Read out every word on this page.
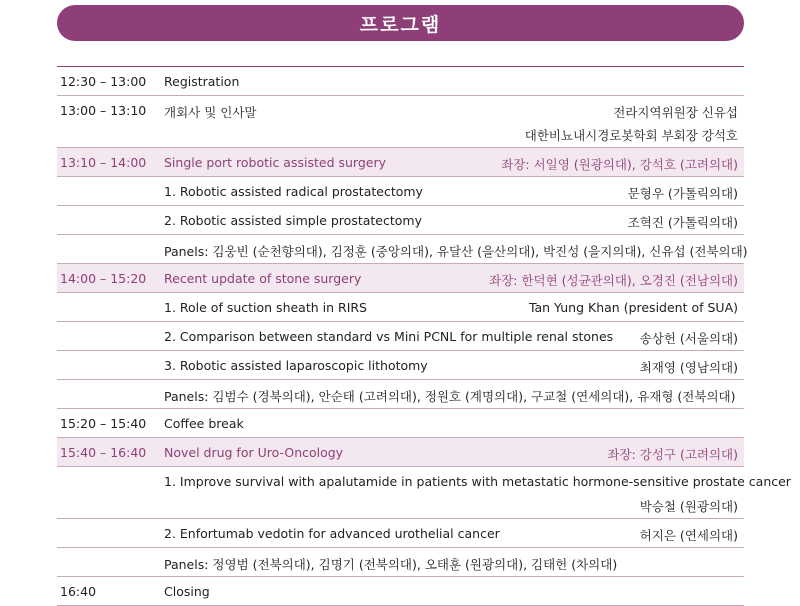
프로그램
12:30 – 13:00	Registration
13:00 – 13:10	개회사 및 인사말	전라지역위원장 신유섭
대한비뇨내시경로봇학회 부회장 강석호
13:10 – 14:00	Single port robotic assisted surgery	좌장: 서일영 (원광의대), 강석호 (고려의대)
1. Robotic assisted radical prostatectomy	문형우 (가톨릭의대)
2. Robotic assisted simple prostatectomy	조혁진 (가톨릭의대)
Panels: 김웅빈 (순천향의대), 김정훈 (중앙의대), 유달산 (을산의대), 박진성 (을지의대), 신유섭 (전북의대)
14:00 – 15:20	Recent update of stone surgery	좌장: 한덕현 (성균관의대), 오경진 (전남의대)
1. Role of suction sheath in RIRS	Tan Yung Khan (president of SUA)
2. Comparison between standard vs Mini PCNL for multiple renal stones 송상헌 (서울의대)
3. Robotic assisted laparoscopic lithotomy	최재영 (영남의대)
Panels: 김범수 (경북의대), 안순태 (고려의대), 정원호 (계명의대), 구교철 (연세의대), 유재형 (전북의대)
15:20 – 15:40	Coffee break
15:40 – 16:40	Novel drug for Uro-Oncology	좌장: 강성구 (고려의대)
1. Improve survival with apalutamide in patients with metastatic hormone-sensitive prostate cancer
박승철 (원광의대)
2. Enfortumab vedotin for advanced urothelial cancer	허지은 (연세의대)
Panels: 정영범 (전북의대), 김명기 (전북의대), 오태훈 (원광의대), 김태헌 (차의대)
16:40	Closing
